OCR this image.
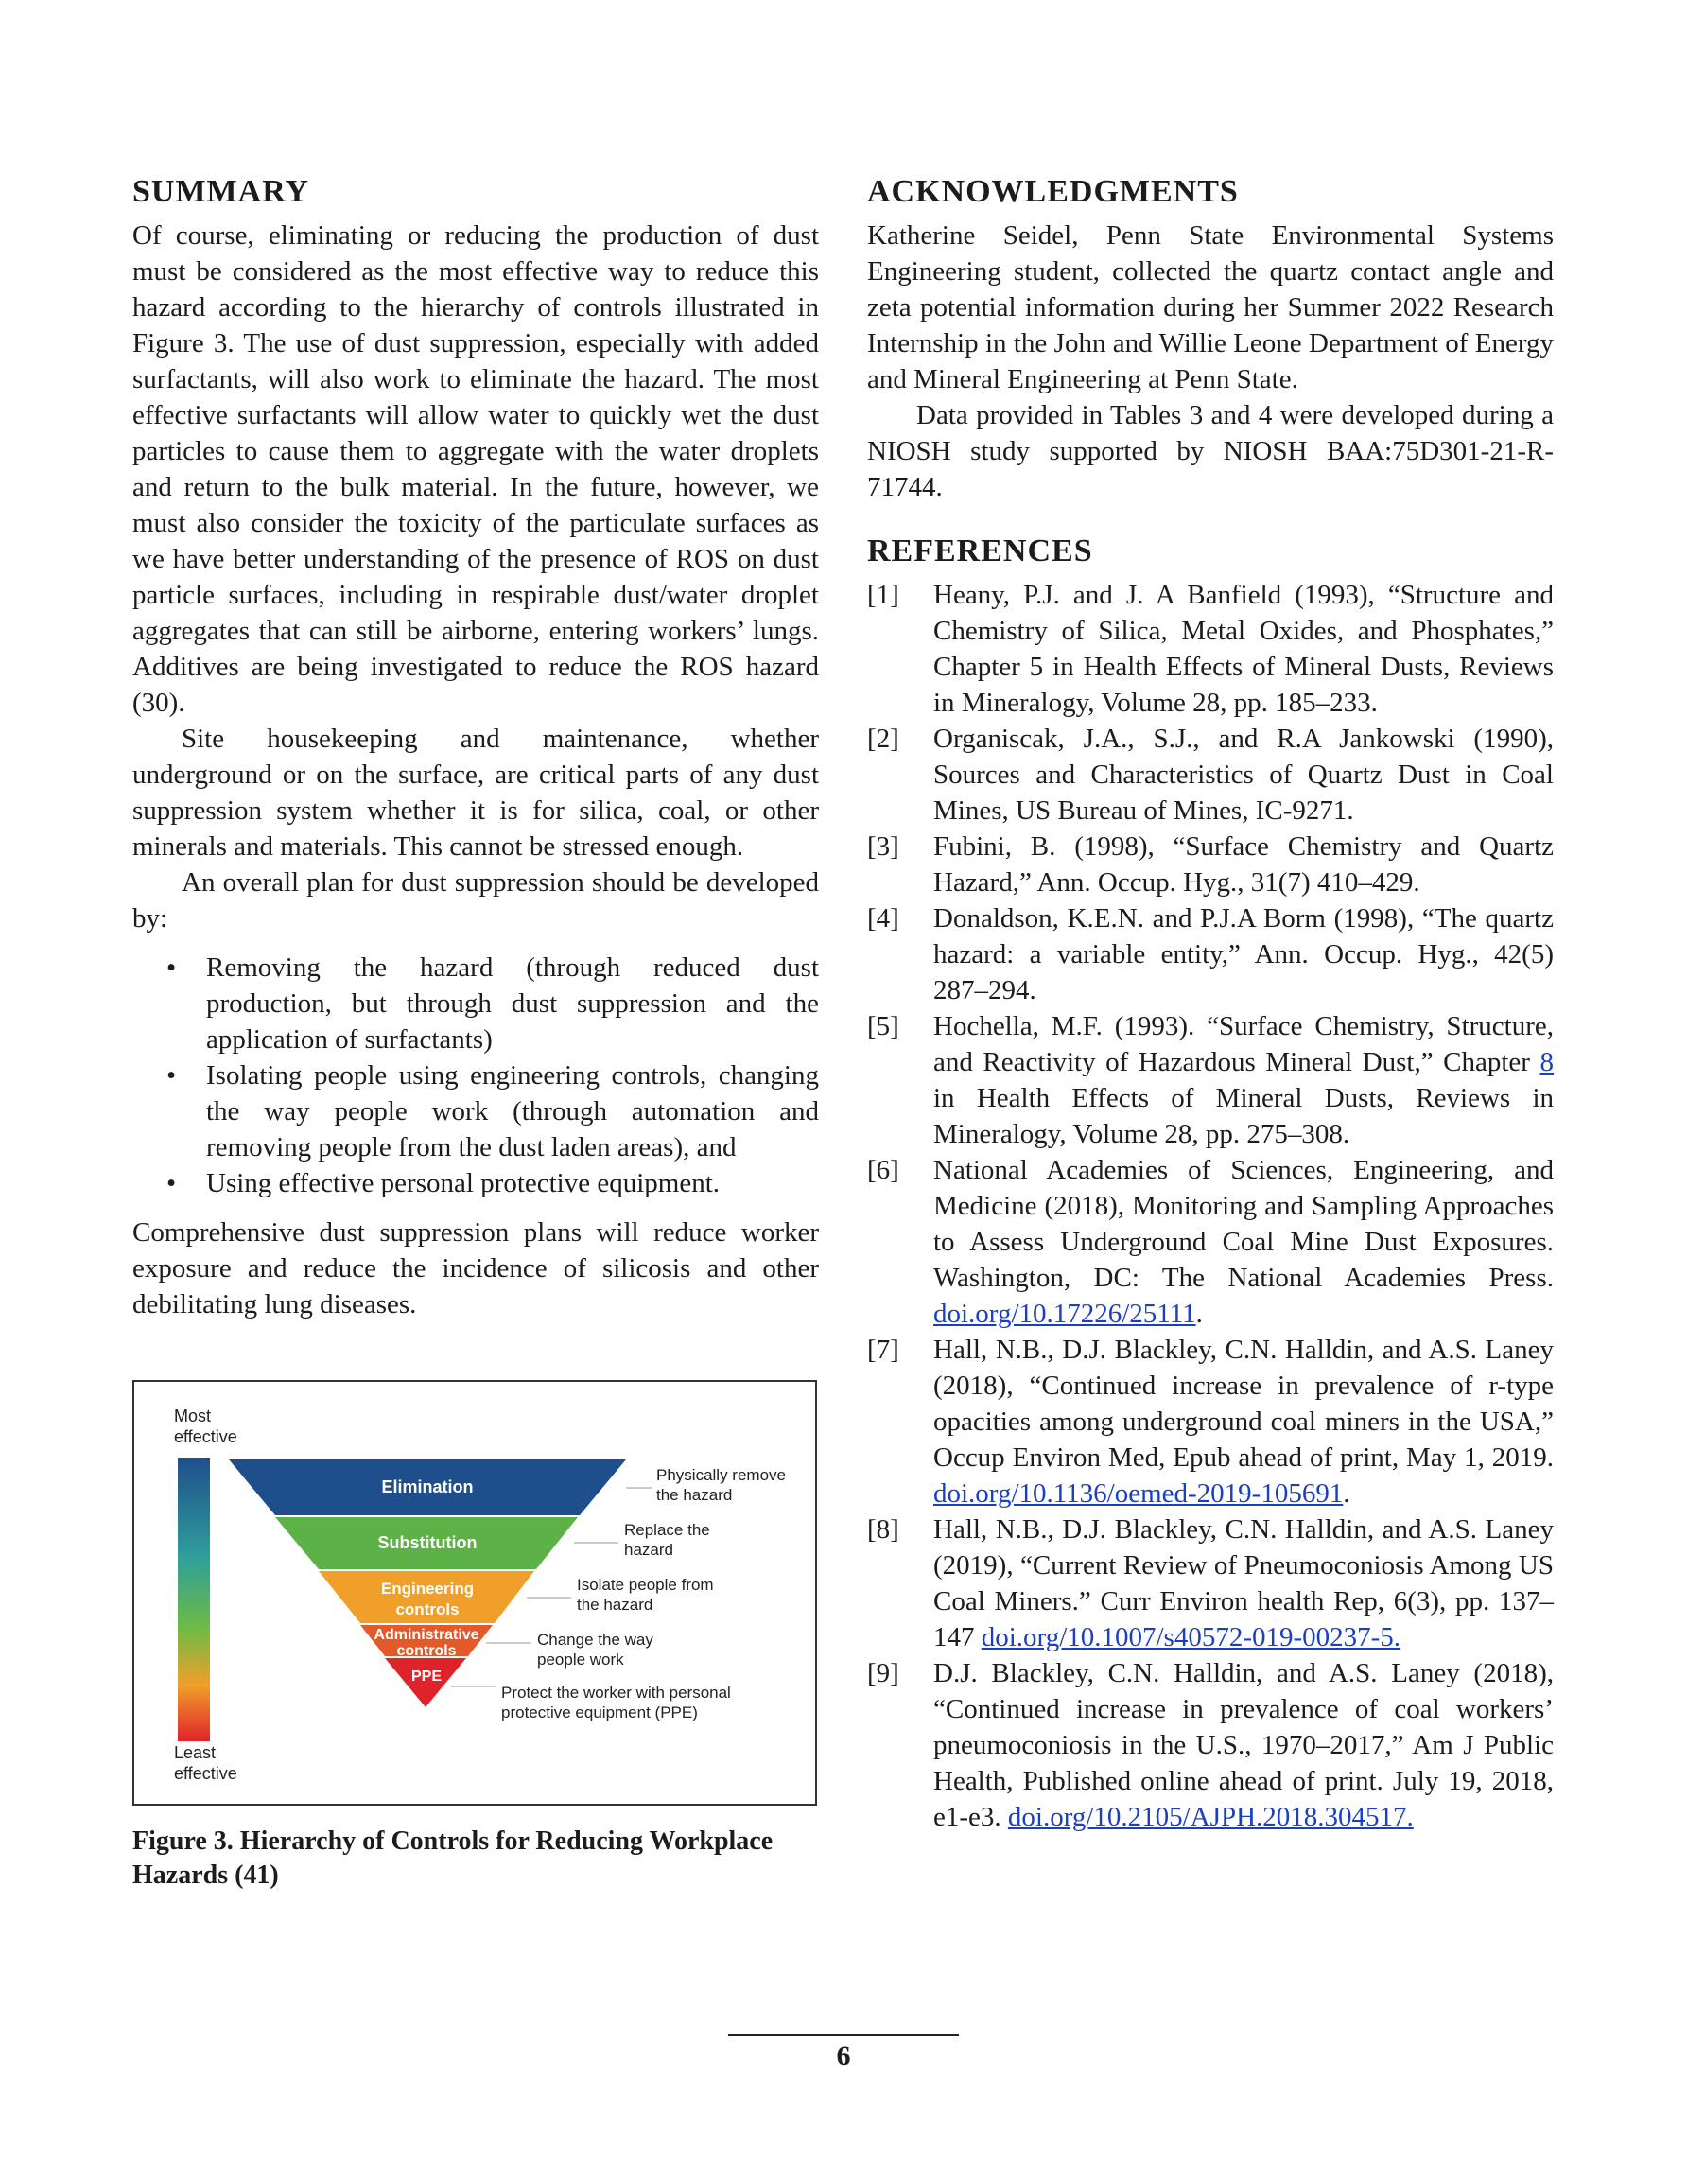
SUMMARY

Of course, eliminating or reducing the production of dust must be considered as the most effective way to reduce this hazard according to the hierarchy of controls illustrated in Figure 3. The use of dust suppression, especially with added surfactants, will also work to eliminate the hazard. The most effective surfactants will allow water to quickly wet the dust particles to cause them to aggregate with the water droplets and return to the bulk material. In the future, however, we must also consider the toxicity of the particulate surfaces as we have better understanding of the presence of ROS on dust particle surfaces, including in respirable dust/water droplet aggregates that can still be airborne, entering workers’ lungs. Additives are being investigated to reduce the ROS hazard (30).

Site housekeeping and maintenance, whether underground or on the surface, are critical parts of any dust suppression system whether it is for silica, coal, or other minerals and materials. This cannot be stressed enough.

An overall plan for dust suppression should be developed by:

•	Removing the hazard (through reduced dust production, but through dust suppression and the application of surfactants)
•	Isolating people using engineering controls, changing the way people work (through automation and removing people from the dust laden areas), and
•	Using effective personal protective equipment.

Comprehensive dust suppression plans will reduce worker exposure and reduce the incidence of silicosis and other debilitating lung diseases.

Most
effective
Least
effective
Elimination
Substitution
Engineering
controls
Administrative
controls
PPE
Physically remove
the hazard
Replace the
hazard
Isolate people from
the hazard
Change the way
people work
Protect the worker with personal
protective equipment (PPE)
Figure 3. Hierarchy of Controls for Reducing Workplace Hazards (41)
ACKNOWLEDGMENTS

Katherine Seidel, Penn State Environmental Systems Engineering student, collected the quartz contact angle and zeta potential information during her Summer 2022 Research Internship in the John and Willie Leone Department of Energy and Mineral Engineering at Penn State.

Data provided in Tables 3 and 4 were developed during a NIOSH study supported by NIOSH BAA:75D301-21-R-71744.

REFERENCES
[1] Heany, P.J. and J. A Banfield (1993), “Structure and Chemistry of Silica, Metal Oxides, and Phosphates,” Chapter 5 in Health Effects of Mineral Dusts, Reviews in Mineralogy, Volume 28, pp. 185–233.
[2] Organiscak, J.A., S.J., and R.A Jankowski (1990), Sources and Characteristics of Quartz Dust in Coal Mines, US Bureau of Mines, IC-9271.
[3] Fubini, B. (1998), “Surface Chemistry and Quartz Hazard,” Ann. Occup. Hyg., 31(7) 410–429.
[4] Donaldson, K.E.N. and P.J.A Borm (1998), “The quartz hazard: a variable entity,” Ann. Occup. Hyg., 42(5) 287–294.
[5] Hochella, M.F. (1993). “Surface Chemistry, Structure, and Reactivity of Hazardous Mineral Dust,” Chapter 8 in Health Effects of Mineral Dusts, Reviews in Mineralogy, Volume 28, pp. 275–308.
[6] National Academies of Sciences, Engineering, and Medicine (2018), Monitoring and Sampling Approaches to Assess Underground Coal Mine Dust Exposures. Washington, DC: The National Academies Press. doi.org/10.17226/25111.
[7] Hall, N.B., D.J. Blackley, C.N. Halldin, and A.S. Laney (2018), “Continued increase in prevalence of r-type opacities among underground coal miners in the USA,” Occup Environ Med, Epub ahead of print, May 1, 2019. doi.org/10.1136/oemed-2019-105691.
[8] Hall, N.B., D.J. Blackley, C.N. Halldin, and A.S. Laney (2019), “Current Review of Pneumoconiosis Among US Coal Miners.” Curr Environ health Rep, 6(3), pp. 137–147 doi.org/10.1007/s40572-019-00237-5.
[9] D.J. Blackley, C.N. Halldin, and A.S. Laney (2018), “Continued increase in prevalence of coal workers’ pneumoconiosis in the U.S., 1970–2017,” Am J Public Health, Published online ahead of print. July 19, 2018, e1-e3. doi.org/10.2105/AJPH.2018.304517.
6
